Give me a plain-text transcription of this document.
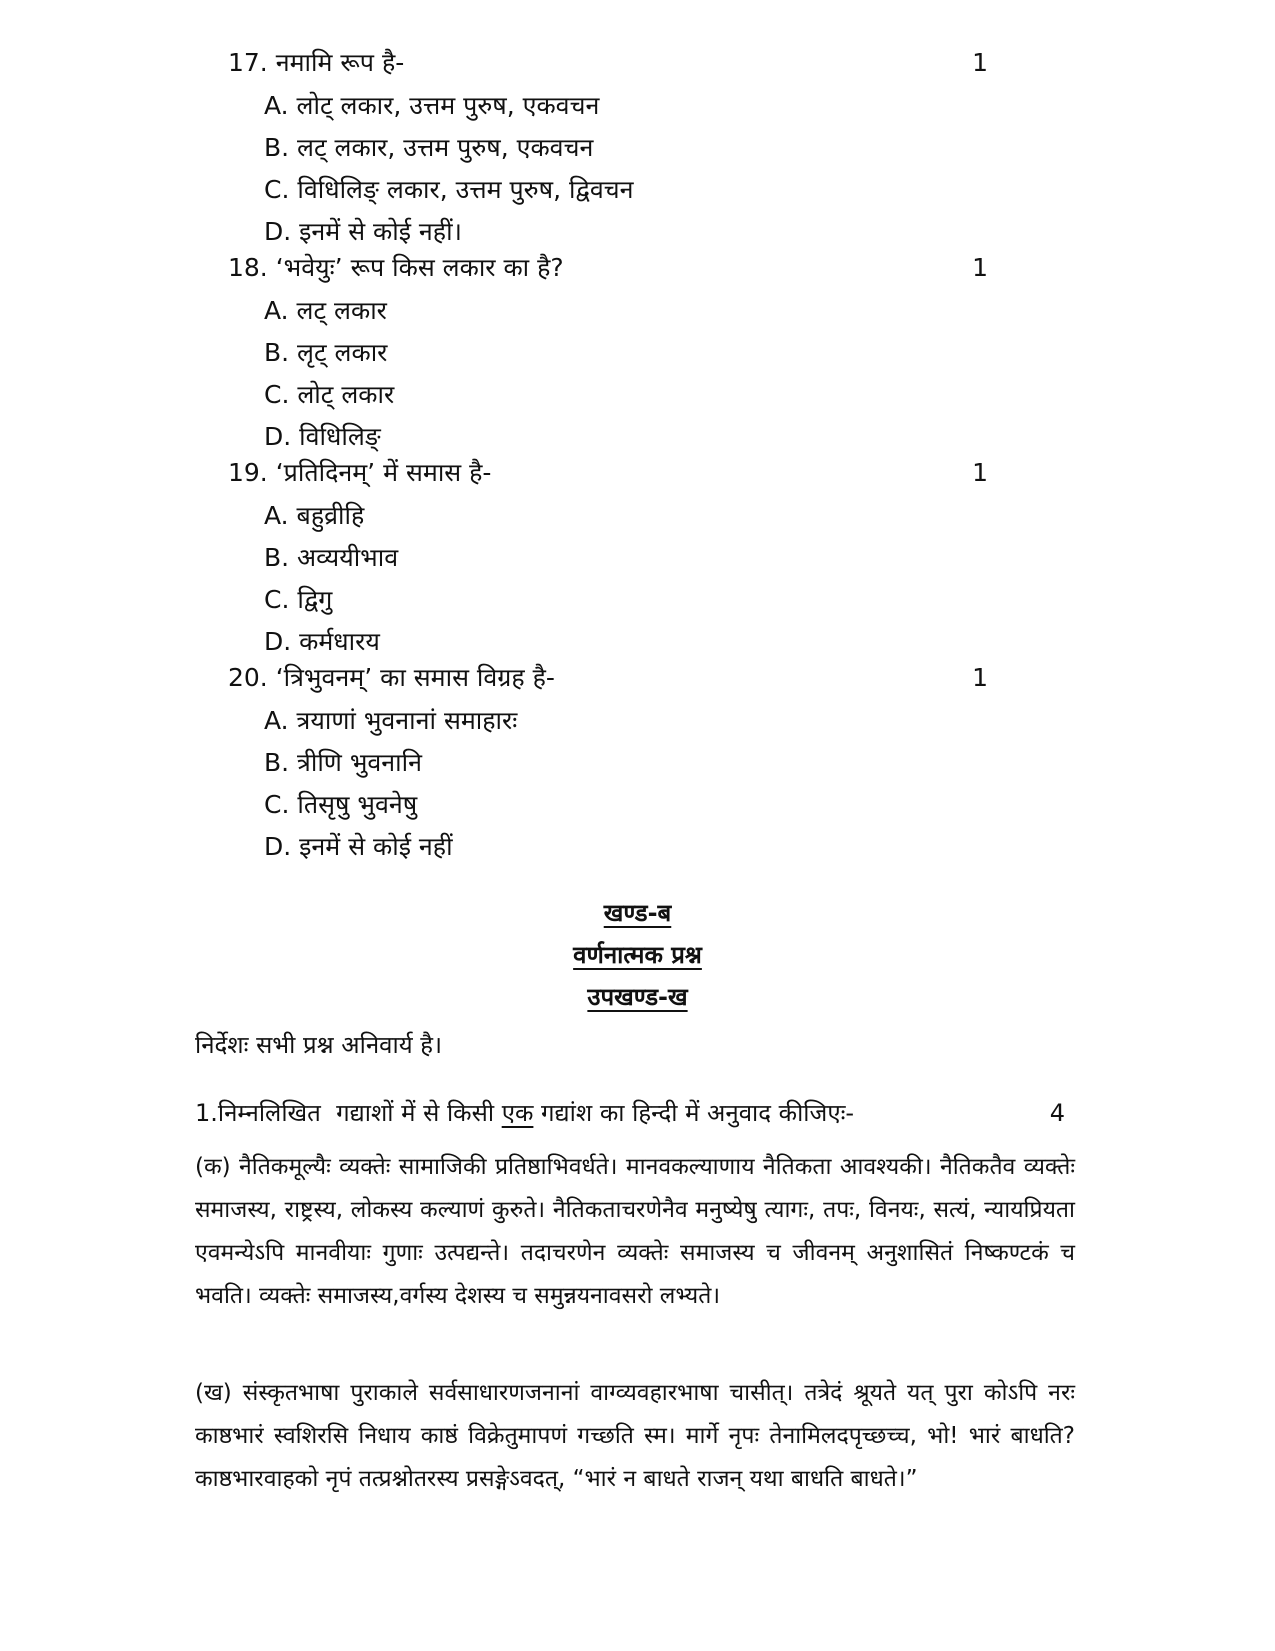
17. नमामि रूप है-	1
A. लोट् लकार, उत्तम पुरुष, एकवचन
B. लट् लकार, उत्तम पुरुष, एकवचन
C. विधिलिङ् लकार, उत्तम पुरुष, द्विवचन
D. इनमें से कोई नहीं।
18. ‘भवेयुः’ रूप किस लकार का है?	1
A. लट् लकार
B. लृट् लकार
C. लोट् लकार
D. विधिलिङ्
19. ‘प्रतिदिनम्’ में समास है-	1
A. बहुव्रीहि
B. अव्ययीभाव
C. द्विगु
D. कर्मधारय
20. ‘त्रिभुवनम्’ का समास विग्रह है-	1
A. त्रयाणां भुवनानां समाहारः
B. त्रीणि भुवनानि
C. तिसृषु भुवनेषु
D. इनमें से कोई नहीं
खण्ड-ब
वर्णनात्मक प्रश्न
उपखण्ड-ख
निर्देशः सभी प्रश्न अनिवार्य है।
1.निम्नलिखित  गद्याशों में से किसी एक गद्यांश का हिन्दी में अनुवाद कीजिएः-	4

(क) नैतिकमूल्यैः व्यक्तेः सामाजिकी प्रतिष्ठाभिवर्धते। मानवकल्याणाय नैतिकता आवश्यकी। नैतिकतैव व्यक्तेः समाजस्य, राष्ट्रस्य, लोकस्य कल्याणं कुरुते। नैतिकताचरणेनैव मनुष्येषु त्यागः, तपः, विनयः, सत्यं, न्यायप्रियता एवमन्येऽपि मानवीयाः गुणाः उत्पद्यन्ते। तदाचरणेन व्यक्तेः समाजस्य च जीवनम् अनुशासितं निष्कण्टकं च भवति। व्यक्तेः समाजस्य,वर्गस्य देशस्य च समुन्नयनावसरो लभ्यते।

(ख) संस्कृतभाषा पुराकाले सर्वसाधारणजनानां वाग्व्यवहारभाषा चासीत्। तत्रेदं श्रूयते यत् पुरा कोऽपि नरः काष्ठभारं स्वशिरसि निधाय काष्ठं विक्रेतुमापणं गच्छति स्म। मार्गे नृपः तेनामिलदपृच्छच्च, भो! भारं बाधति? काष्ठभारवाहको नृपं तत्प्रश्नोतरस्य प्रसङ्गेऽवदत्, “भारं न बाधते राजन् यथा बाधति बाधते।”
